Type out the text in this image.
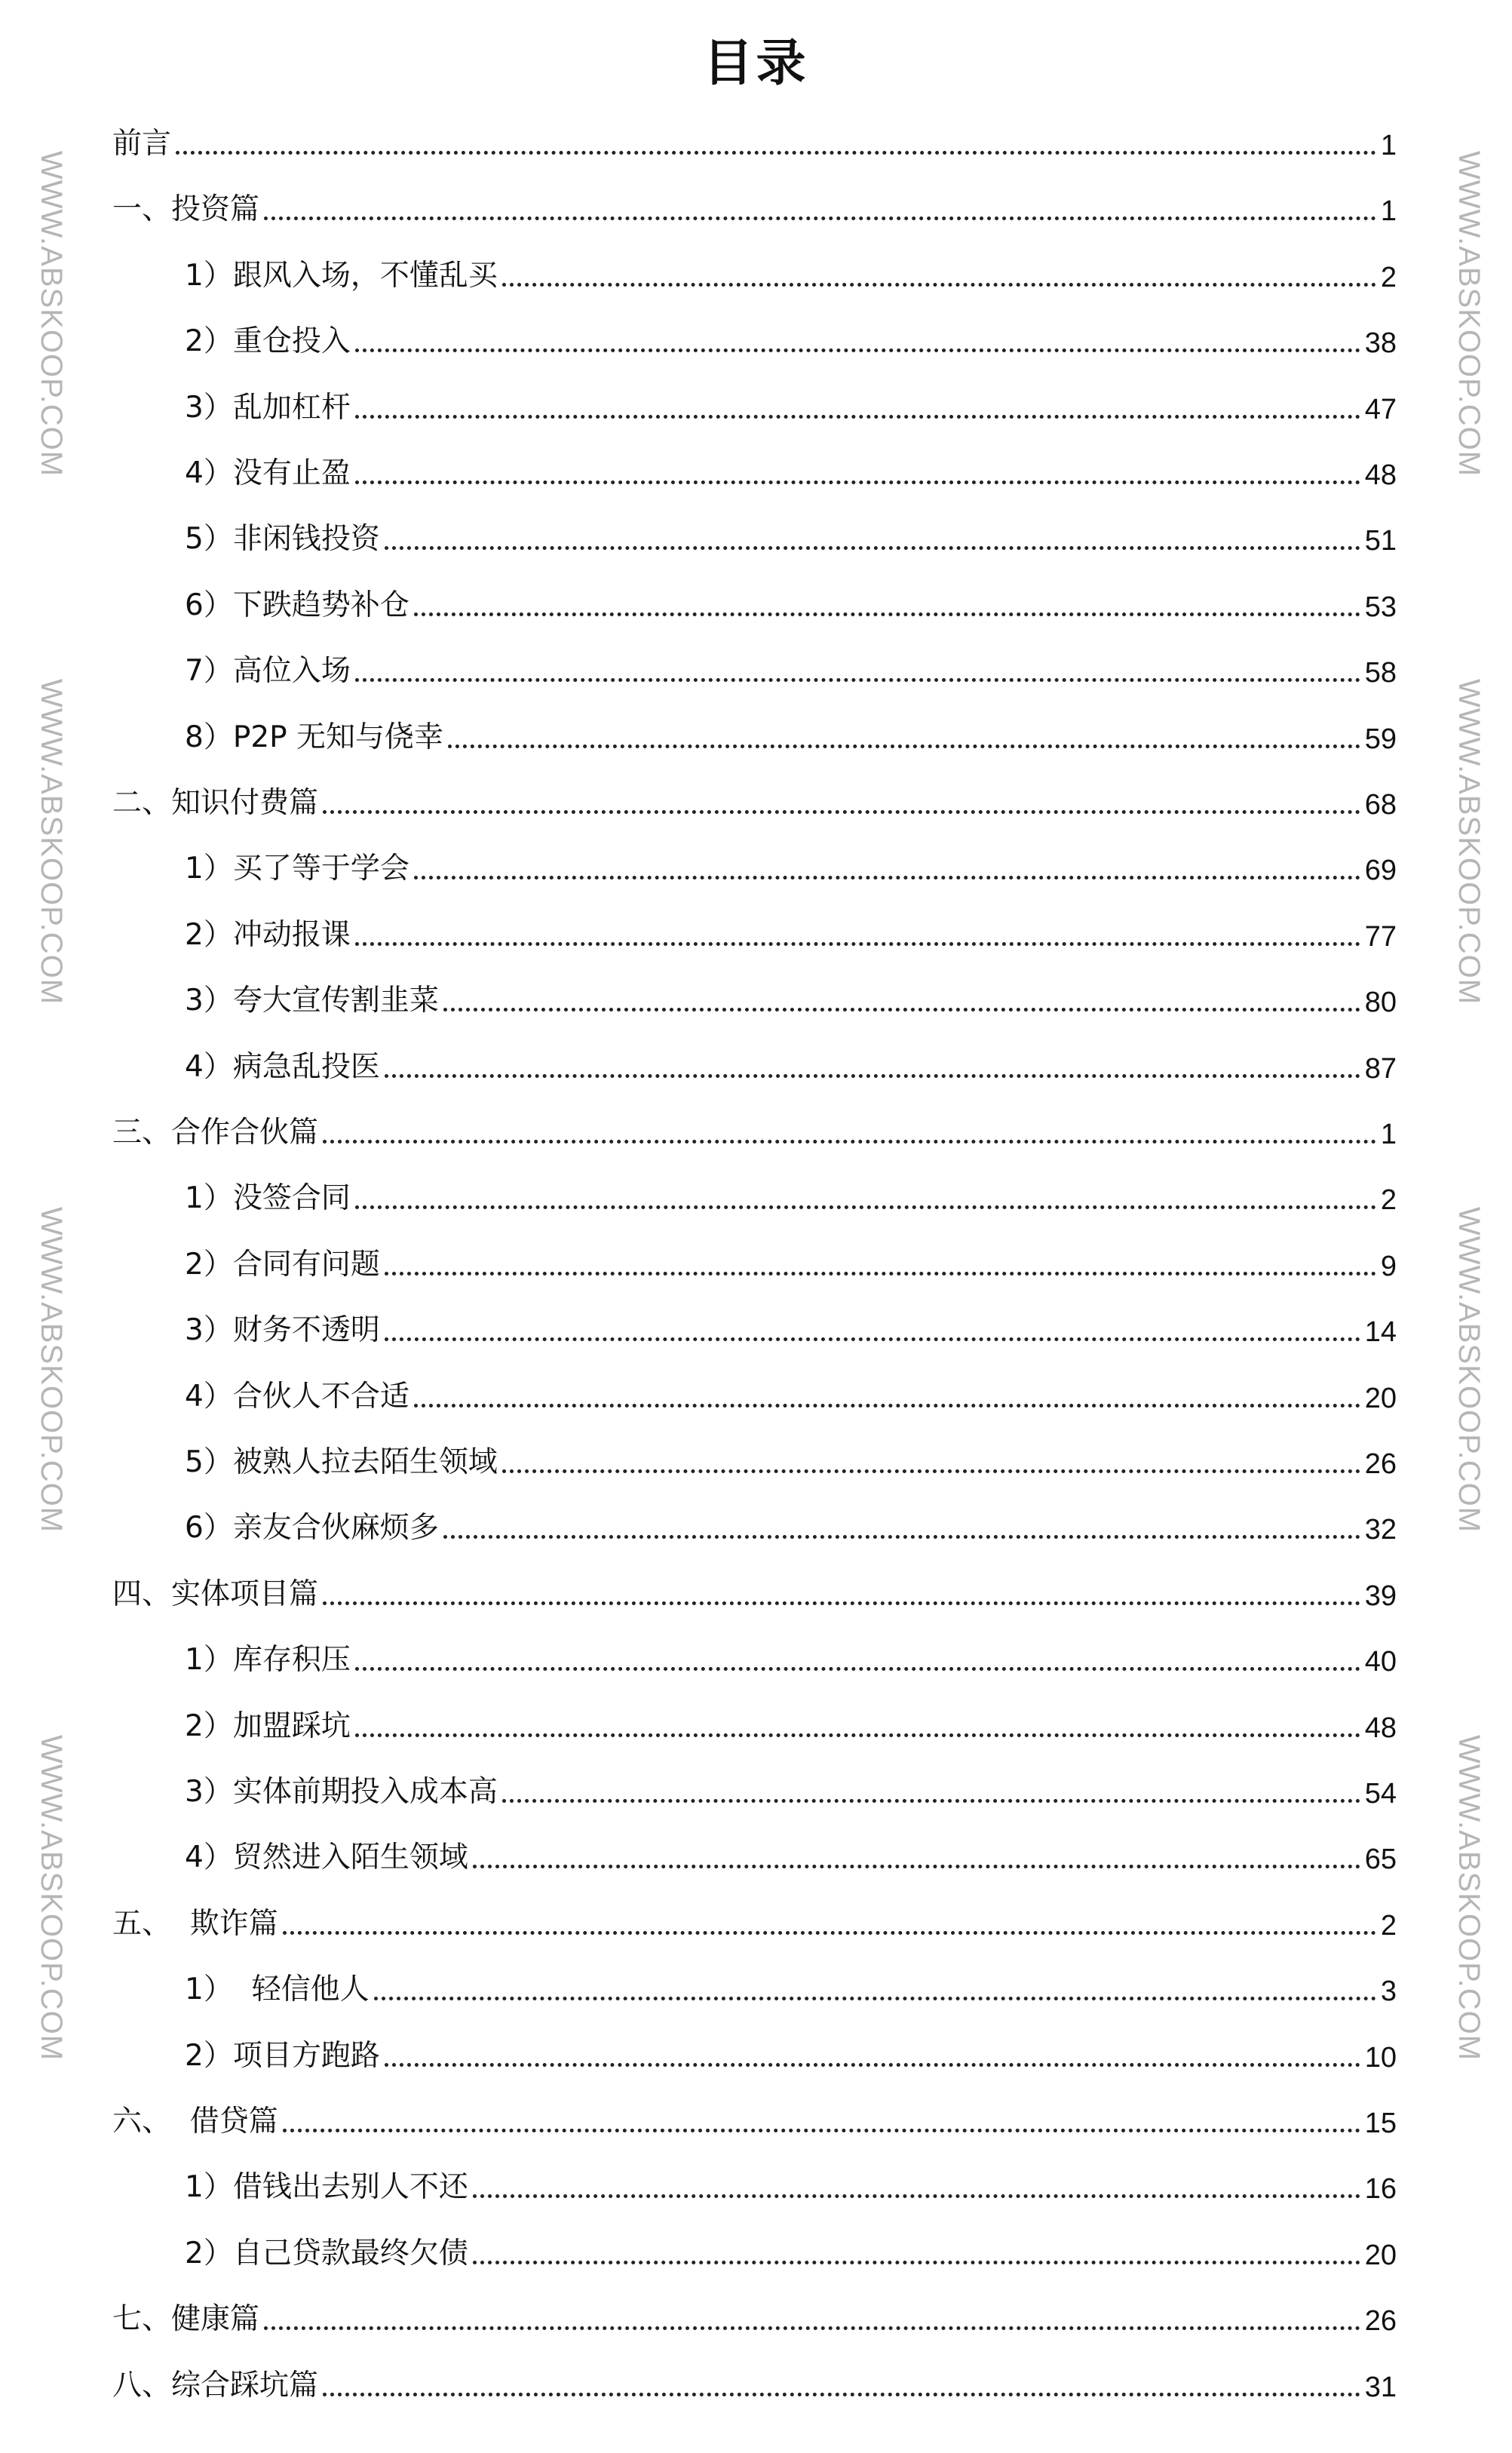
目录
前言	1
一、投资篇	1
1）跟风入场，不懂乱买	2
2）重仓投入	38
3）乱加杠杆	47
4）没有止盈	48
5）非闲钱投资	51
6）下跌趋势补仓	53
7）高位入场	58
8）P2P 无知与侥幸	59
二、知识付费篇	68
1）买了等于学会	69
2）冲动报课	77
3）夸大宣传割韭菜	80
4）病急乱投医	87
三、合作合伙篇	1
1）没签合同	2
2）合同有问题	9
3）财务不透明	14
4）合伙人不合适	20
5）被熟人拉去陌生领域	26
6）亲友合伙麻烦多	32
四、实体项目篇	39
1）库存积压	40
2）加盟踩坑	48
3）实体前期投入成本高	54
4）贸然进入陌生领域	65
五、  欺诈篇	2
1）  轻信他人	3
2）项目方跑路	10
六、  借贷篇	15
1）借钱出去别人不还	16
2）自己贷款最终欠债	20
七、健康篇	26
八、综合踩坑篇	31
WWW.ABSKOOP.COM	WWW.ABSKOOP.COM
WWW.ABSKOOP.COM	WWW.ABSKOOP.COM
WWW.ABSKOOP.COM	WWW.ABSKOOP.COM
WWW.ABSKOOP.COM	WWW.ABSKOOP.COM
